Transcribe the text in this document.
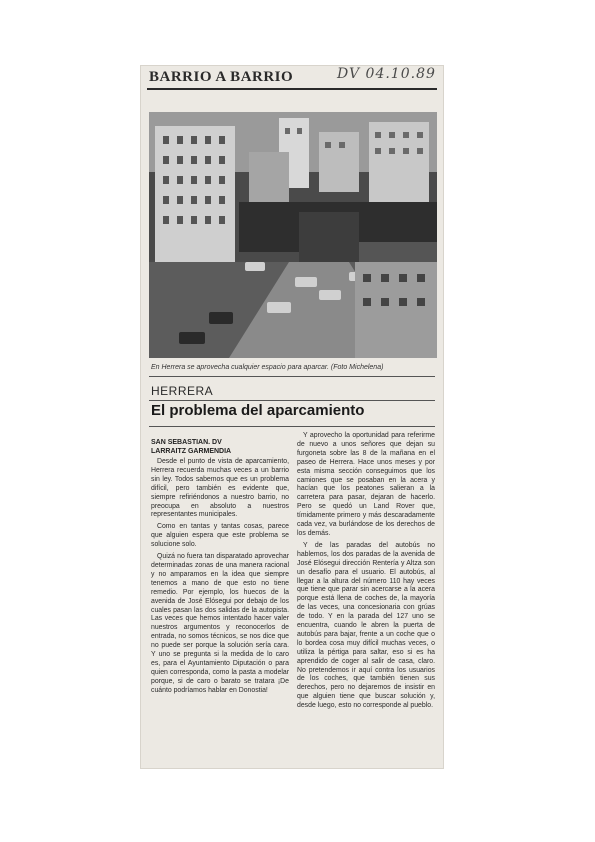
BARRIO A BARRIO	DV 04.10.89
En Herrera se aprovecha cualquier espacio para aparcar. (Foto Michelena)
HERRERA
El problema del aparcamiento
SAN SEBASTIAN. DV
LARRAITZ GARMENDIA

Desde el punto de vista de aparcamiento, Herrera recuerda muchas veces a un barrio sin ley. Todos sabemos que es un problema difícil, pero también es evidente que, siempre refiriéndonos a nuestro barrio, no preocupa en absoluto a nuestros representantes municipales.

Como en tantas y tantas cosas, parece que alguien espera que este problema se solucione solo.

Quizá no fuera tan disparatado aprovechar determinadas zonas de una manera racional y no amparamos en la idea que siempre tenemos a mano de que esto no tiene remedio. Por ejemplo, los huecos de la avenida de José Elósegui por debajo de los cuales pasan las dos salidas de la autopista. Las veces que hemos intentado hacer valer nuestros argumentos y reconocerlos de entrada, no somos técnicos, se nos dice que no puede ser porque la solución sería cara. Y uno se pregunta si la medida de lo caro es, para el Ayuntamiento Diputación o para quien corresponda, como la pasta a modelar porque, si de caro o barato se tratara ¡De cuánto podríamos hablar en Donostia!

Y aprovecho la oportunidad para referirme de nuevo a unos señores que dejan su furgoneta sobre las 8 de la mañana en el paseo de Herrera. Hace unos meses y por esta misma sección conseguimos que los camiones que se posaban en la acera y hacían que los peatones salieran a la carretera para pasar, dejaran de hacerlo. Pero se quedó un Land Rover que, tímidamente primero y más descaradamente cada vez, va burlándose de los derechos de los demás.

Y de las paradas del autobús no hablemos, los dos paradas de la avenida de José Elósegui dirección Rentería y Altza son un desafío para el usuario. El autobús, al llegar a la altura del número 110 hay veces que tiene que parar sin acercarse a la acera porque está llena de coches de, la mayoría de las veces, una concesionaria con grúas de todo. Y en la parada del 127 uno se encuentra, cuando le abren la puerta de autobús para bajar, frente a un coche que o lo bordea cosa muy difícil muchas veces, o utiliza la pértiga para saltar, eso si es ha aprendido de coger al salir de casa, claro. No pretendemos ir aquí contra los usuarios de los coches, que también tienen sus derechos, pero no dejaremos de insistir en que alguien tiene que buscar solución y, desde luego, esto no corresponde al pueblo.
